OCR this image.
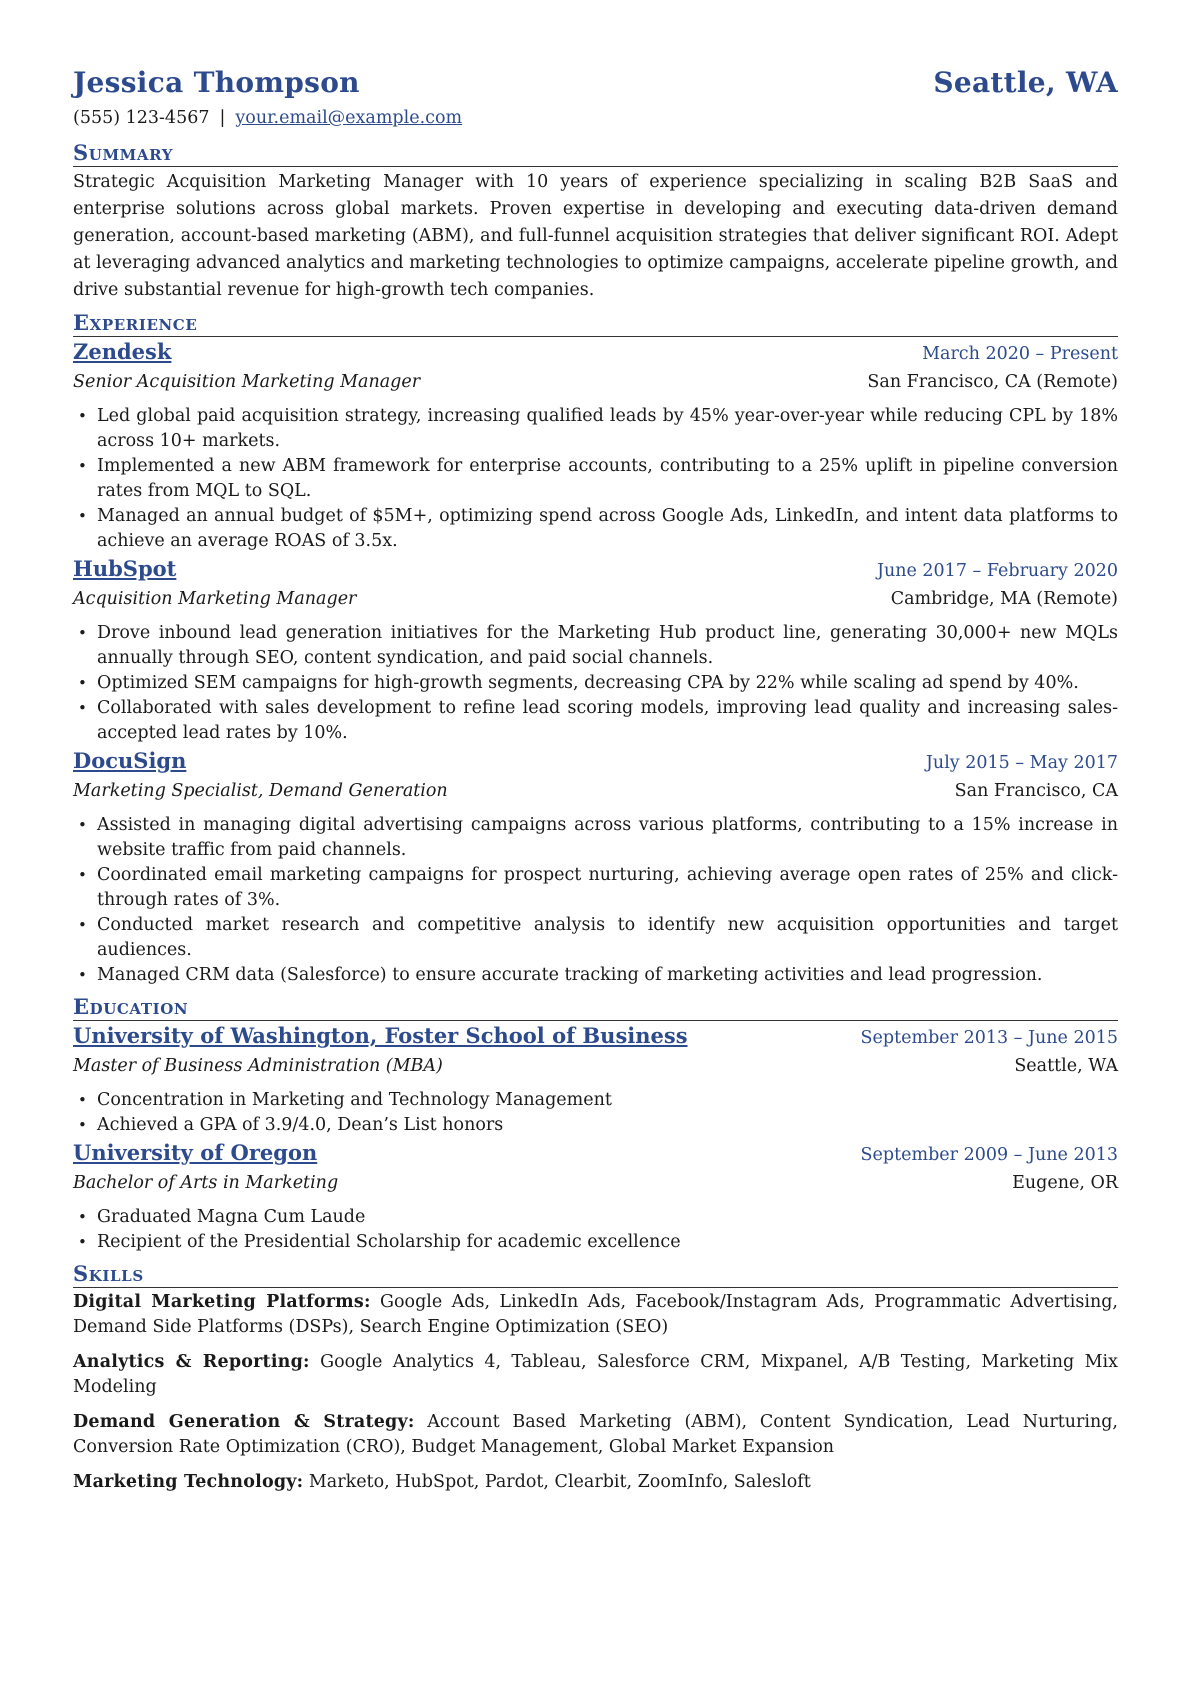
Jessica Thompson	Seattle, WA
(555) 123-4567 | your.email@example.com
Summary
Strategic Acquisition Marketing Manager with 10 years of experience specializing in scaling B2B SaaS and enterprise solutions across global markets. Proven expertise in developing and executing data-driven demand generation, account-based marketing (ABM), and full-funnel acquisition strategies that deliver significant ROI. Adept at leveraging advanced analytics and marketing technologies to optimize campaigns, accelerate pipeline growth, and drive substantial revenue for high-growth tech companies.
Experience
Zendesk	March 2020 – Present
Senior Acquisition Marketing Manager	San Francisco, CA (Remote)
• Led global paid acquisition strategy, increasing qualified leads by 45% year-over-year while reducing CPL by 18% across 10+ markets.
• Implemented a new ABM framework for enterprise accounts, contributing to a 25% uplift in pipeline conversion rates from MQL to SQL.
• Managed an annual budget of $5M+, optimizing spend across Google Ads, LinkedIn, and intent data platforms to achieve an average ROAS of 3.5x.
HubSpot	June 2017 – February 2020
Acquisition Marketing Manager	Cambridge, MA (Remote)
• Drove inbound lead generation initiatives for the Marketing Hub product line, generating 30,000+ new MQLs annually through SEO, content syndication, and paid social channels.
• Optimized SEM campaigns for high-growth segments, decreasing CPA by 22% while scaling ad spend by 40%.
• Collaborated with sales development to refine lead scoring models, improving lead quality and increasing sales-accepted lead rates by 10%.
DocuSign	July 2015 – May 2017
Marketing Specialist, Demand Generation	San Francisco, CA
• Assisted in managing digital advertising campaigns across various platforms, contributing to a 15% increase in website traffic from paid channels.
• Coordinated email marketing campaigns for prospect nurturing, achieving average open rates of 25% and click-through rates of 3%.
• Conducted market research and competitive analysis to identify new acquisition opportunities and target audiences.
• Managed CRM data (Salesforce) to ensure accurate tracking of marketing activities and lead progression.
Education
University of Washington, Foster School of Business	September 2013 – June 2015
Master of Business Administration (MBA)	Seattle, WA
• Concentration in Marketing and Technology Management
• Achieved a GPA of 3.9/4.0, Dean’s List honors
University of Oregon	September 2009 – June 2013
Bachelor of Arts in Marketing	Eugene, OR
• Graduated Magna Cum Laude
• Recipient of the Presidential Scholarship for academic excellence
Skills
Digital Marketing Platforms: Google Ads, LinkedIn Ads, Facebook/Instagram Ads, Programmatic Advertising, Demand Side Platforms (DSPs), Search Engine Optimization (SEO)
Analytics & Reporting: Google Analytics 4, Tableau, Salesforce CRM, Mixpanel, A/B Testing, Marketing Mix Modeling
Demand Generation & Strategy: Account Based Marketing (ABM), Content Syndication, Lead Nurturing, Conversion Rate Optimization (CRO), Budget Management, Global Market Expansion
Marketing Technology: Marketo, HubSpot, Pardot, Clearbit, ZoomInfo, Salesloft
